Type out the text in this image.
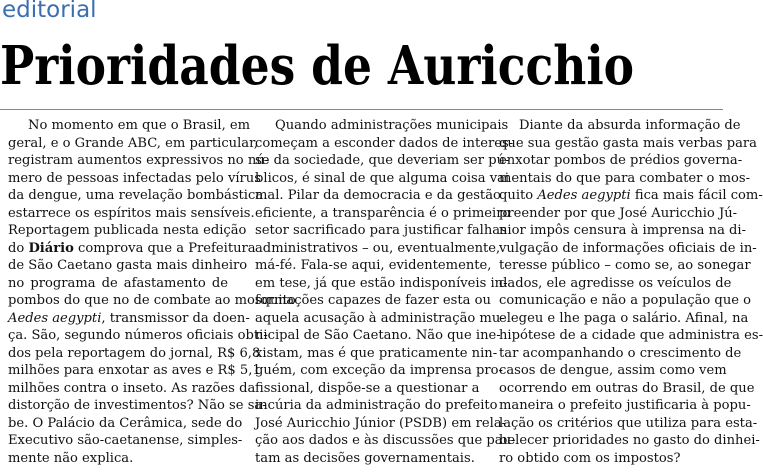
editorial
Prioridades de Auricchio
No momento em que o Brasil, em
geral, e o Grande ABC, em particular,
registram aumentos expressivos no nú-
mero de pessoas infectadas pelo vírus
da dengue, uma revelação bombástica
estarrece os espíritos mais sensíveis.
Reportagem publicada nesta edição
do Diário comprova que a Prefeitura
de São Caetano gasta mais dinheiro
no programa de afastamento de
pombos do que no de combate ao mosquito
Aedes aegypti, transmissor da doen-
ça. São, segundo números oficiais obti-
dos pela reportagem do jornal, R$ 6,8
milhões para enxotar as aves e R$ 5,1
milhões contra o inseto. As razões da
distorção de investimentos? Não se sa-
be. O Palácio da Cerâmica, sede do
Executivo são-caetanense, simples-
mente não explica.
Quando administrações municipais
começam a esconder dados de interes-
se da sociedade, que deveriam ser pú-
blicos, é sinal de que alguma coisa vai
mal. Pilar da democracia e da gestão
eficiente, a transparência é o primeiro
setor sacrificado para justificar falhas
administrativos – ou, eventualmente,
má-fé. Fala-se aqui, evidentemente,
em tese, já que estão indisponíveis in-
formações capazes de fazer esta ou
aquela acusação à administração mu-
nicipal de São Caetano. Não que ine-
xistam, mas é que praticamente nin-
guém, com exceção da imprensa pro-
fissional, dispõe-se a questionar a
incúria da administração do prefeito
José Auricchio Júnior (PSDB) em rela-
ção aos dados e às discussões que pau-
tam as decisões governamentais.
Diante da absurda informação de
que sua gestão gasta mais verbas para
enxotar pombos de prédios governa-
mentais do que para combater o mos-
quito Aedes aegypti fica mais fácil com-
preender por que José Auricchio Jú-
nior impôs censura à imprensa na di-
vulgação de informações oficiais de in-
teresse público – como se, ao sonegar
dados, ele agredisse os veículos de
comunicação e não a população que o
elegeu e lhe paga o salário. Afinal, na
hipótese de a cidade que administra es-
tar acompanhando o crescimento de
casos de dengue, assim como vem
ocorrendo em outras do Brasil, de que
maneira o prefeito justificaria à popu-
lação os critérios que utiliza para esta-
belecer prioridades no gasto do dinhei-
ro obtido com os impostos?
